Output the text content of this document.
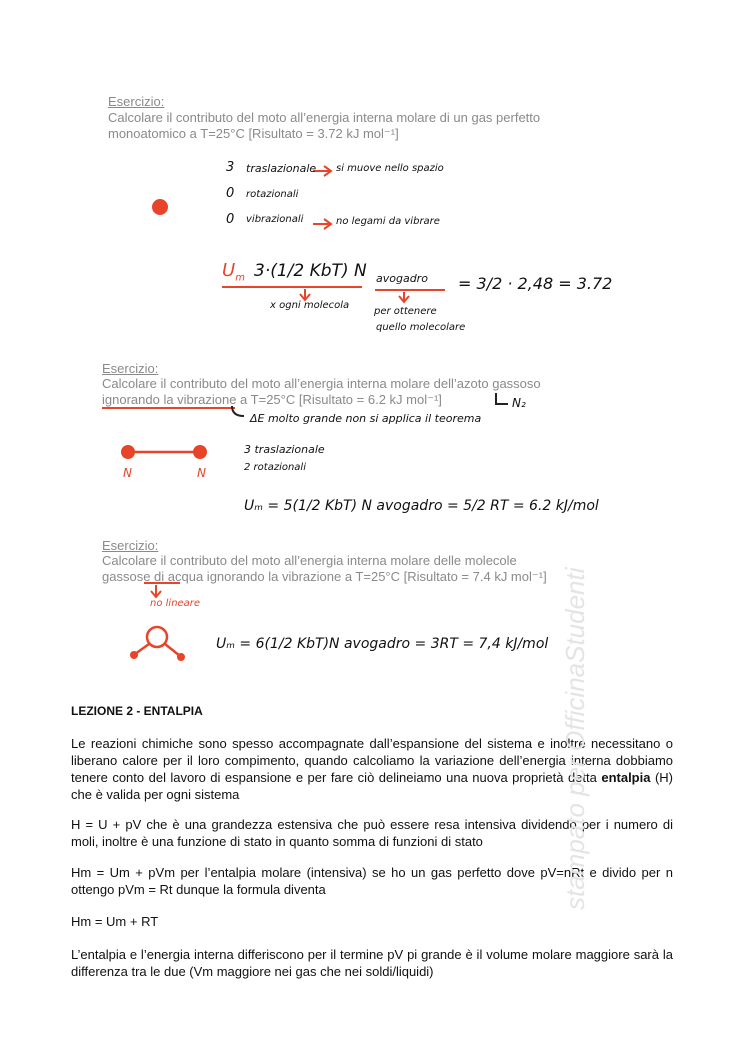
Esercizio:
Calcolare il contributo del moto all’energia interna molare di un gas perfetto
monoatomico a T=25°C [Risultato = 3.72 kJ mol⁻¹]
3 traslazionale si muove nello spazio
0 rotazionali
0 vibrazionali	no legami da vibrare
$U_m$ 3·(1/2 KbT) N avogadro = 3/2 · 2,48 = 3.72
x ogni molecola
per ottenere
quello molecolare
Esercizio:
Calcolare il contributo del moto all’energia interna molare dell’azoto gassoso
ignorando la vibrazione a T=25°C [Risultato = 6.2 kJ mol⁻¹]	N₂
ΔE molto grande non si applica il teorema
N	N
3 traslazionale
2 rotazionali
Uₘ = 5(1/2 KbT) N avogadro = 5/2 RT = 6.2 kJ/mol
Esercizio:
Calcolare il contributo del moto all’energia interna molare delle molecole
gassose di acqua ignorando la vibrazione a T=25°C [Risultato = 7.4 kJ mol⁻¹]
no lineare
Uₘ = 6(1/2 KbT)N avogadro = 3RT = 7,4 kJ/mol
LEZIONE 2 - ENTALPIA
Le reazioni chimiche sono spesso accompagnate dall’espansione del sistema e inoltre necessitano o liberano calore per il loro compimento, quando calcoliamo la variazione dell’energia interna dobbiamo tenere conto del lavoro di espansione e per fare ciò delineiamo una nuova proprietà detta entalpia (H) che è valida per ogni sistema
H = U + pV che è una grandezza estensiva che può essere resa intensiva dividendo per i numero di moli, inoltre è una funzione di stato in quanto somma di funzioni di stato
Hm = Um + pVm per l’entalpia molare (intensiva) se ho un gas perfetto dove pV=nRt e divido per n ottengo pVm = Rt dunque la formula diventa
Hm = Um + RT
L’entalpia e l’energia interna differiscono per il termine pV pi grande è il volume molare maggiore sarà la differenza tra le due (Vm maggiore nei gas che nei soldi/liquidi)
stampato per OfficinaStudenti
